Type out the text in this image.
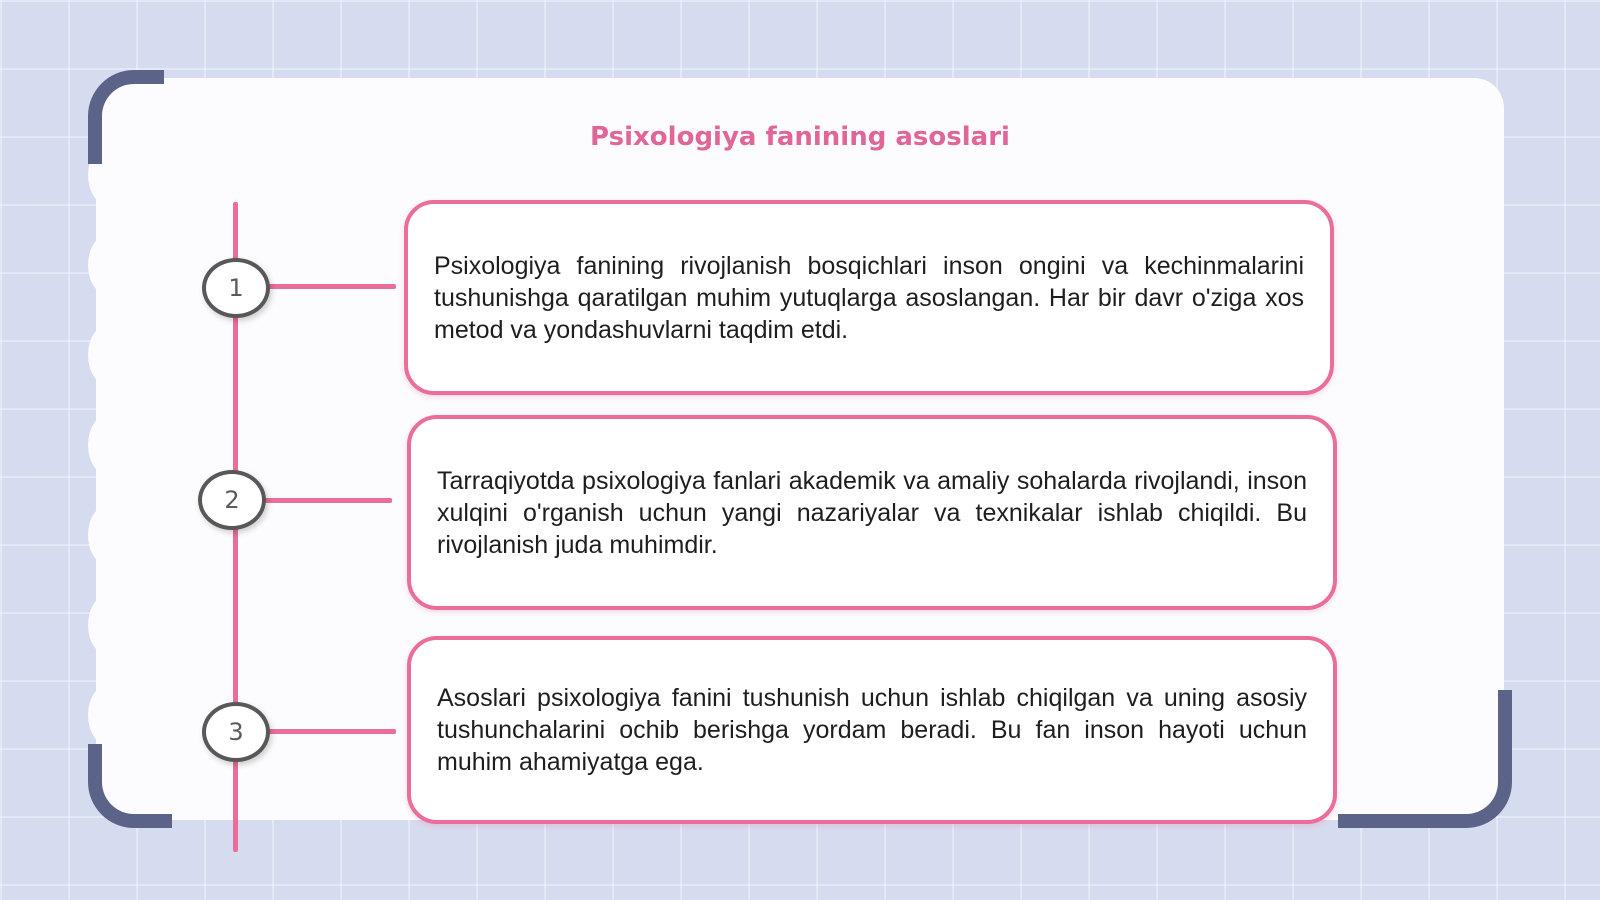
Psixologiya fanining asoslari
1
2
3

Psixologiya fanining rivojlanish bosqichlari inson ongini va kechinmalarini tushunishga qaratilgan muhim yutuqlarga asoslangan. Har bir davr o'ziga xos metod va yondashuvlarni taqdim etdi.

Tarraqiyotda psixologiya fanlari akademik va amaliy sohalarda rivojlandi, inson xulqini o'rganish uchun yangi nazariyalar va texnikalar ishlab chiqildi. Bu rivojlanish juda muhimdir.

Asoslari psixologiya fanini tushunish uchun ishlab chiqilgan va uning asosiy tushunchalarini ochib berishga yordam beradi. Bu fan inson hayoti uchun muhim ahamiyatga ega.
